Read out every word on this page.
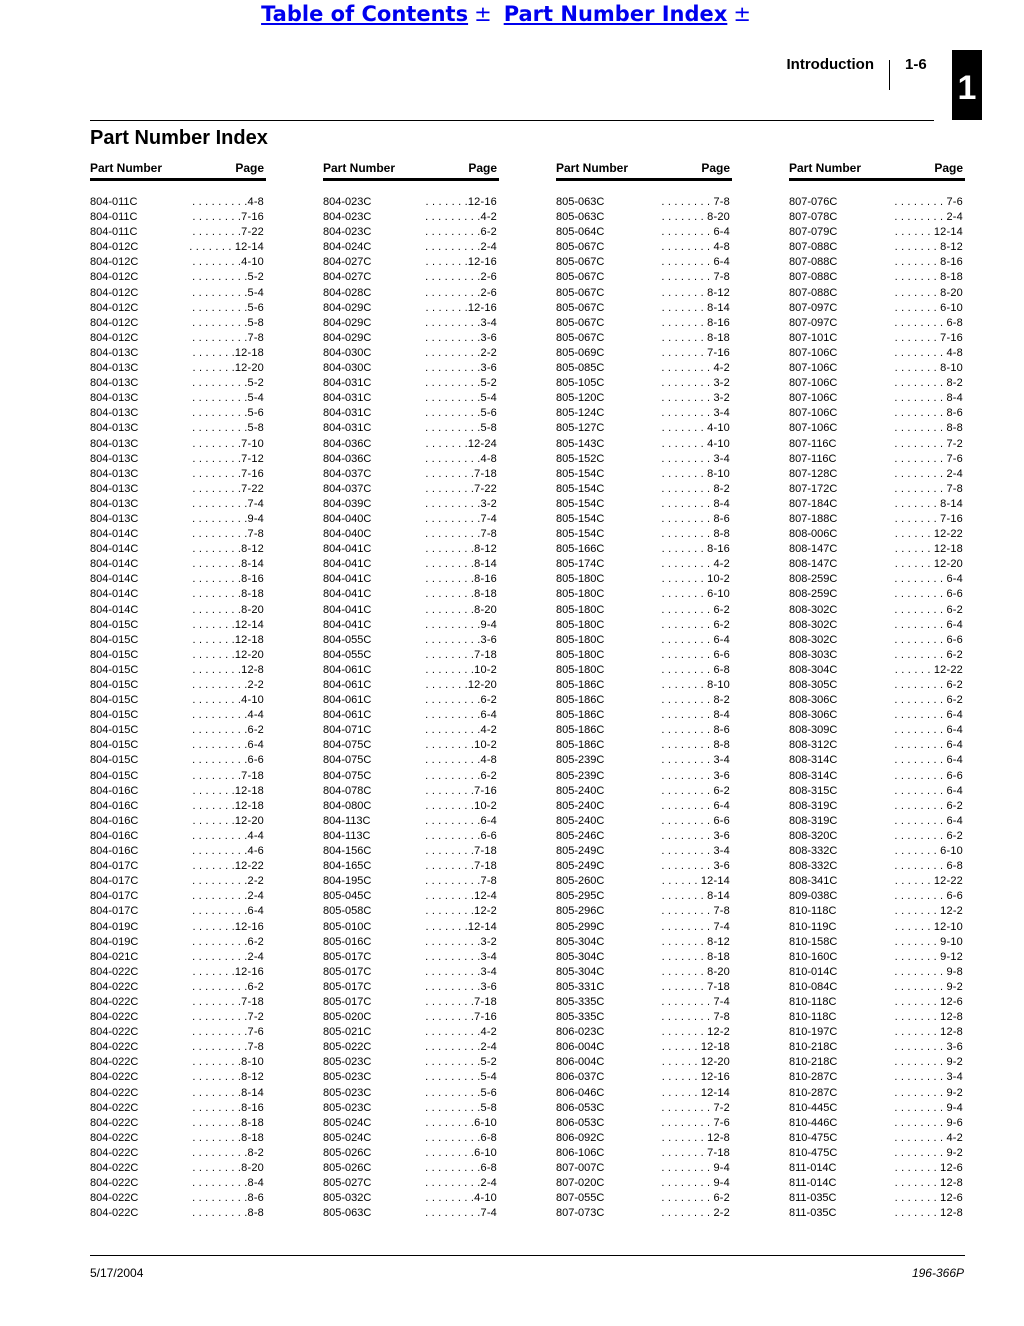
Table of Contents ± Part Number Index ±
Introduction 1-6
1
Part Number Index
Part Number	Page
804-011C	. . . . . . . . .4-8
804-011C	. . . . . . . .7-16
804-011C	. . . . . . . .7-22
804-012C	. . . . . . . 12-14
804-012C	. . . . . . . .4-10
804-012C	. . . . . . . . .5-2
804-012C	. . . . . . . . .5-4
804-012C	. . . . . . . . .5-6
804-012C	. . . . . . . . .5-8
804-012C	. . . . . . . . .7-8
804-013C	. . . . . . .12-18
804-013C	. . . . . . .12-20
804-013C	. . . . . . . . .5-2
804-013C	. . . . . . . . .5-4
804-013C	. . . . . . . . .5-6
804-013C	. . . . . . . . .5-8
804-013C	. . . . . . . .7-10
804-013C	. . . . . . . .7-12
804-013C	. . . . . . . .7-16
804-013C	. . . . . . . .7-22
804-013C	. . . . . . . . .7-4
804-013C	. . . . . . . . .9-4
804-014C	. . . . . . . . .7-8
804-014C	. . . . . . . .8-12
804-014C	. . . . . . . .8-14
804-014C	. . . . . . . .8-16
804-014C	. . . . . . . .8-18
804-014C	. . . . . . . .8-20
804-015C	. . . . . . .12-14
804-015C	. . . . . . .12-18
804-015C	. . . . . . .12-20
804-015C	. . . . . . . .12-8
804-015C	. . . . . . . . .2-2
804-015C	. . . . . . . .4-10
804-015C	. . . . . . . . .4-4
804-015C	. . . . . . . . .6-2
804-015C	. . . . . . . . .6-4
804-015C	. . . . . . . . .6-6
804-015C	. . . . . . . .7-18
804-016C	. . . . . . .12-18
804-016C	. . . . . . .12-18
804-016C	. . . . . . .12-20
804-016C	. . . . . . . . .4-4
804-016C	. . . . . . . . .4-6
804-017C	. . . . . . .12-22
804-017C	. . . . . . . . .2-2
804-017C	. . . . . . . . .2-4
804-017C	. . . . . . . . .6-4
804-019C	. . . . . . .12-16
804-019C	. . . . . . . . .6-2
804-021C	. . . . . . . . .2-4
804-022C	. . . . . . .12-16
804-022C	. . . . . . . . .6-2
804-022C	. . . . . . . .7-18
804-022C	. . . . . . . . .7-2
804-022C	. . . . . . . . .7-6
804-022C	. . . . . . . . .7-8
804-022C	. . . . . . . .8-10
804-022C	. . . . . . . .8-12
804-022C	. . . . . . . .8-14
804-022C	. . . . . . . .8-16
804-022C	. . . . . . . .8-18
804-022C	. . . . . . . .8-18
804-022C	. . . . . . . . .8-2
804-022C	. . . . . . . .8-20
804-022C	. . . . . . . . .8-4
804-022C	. . . . . . . . .8-6
804-022C	. . . . . . . . .8-8
Part Number	Page
804-023C	. . . . . . .12-16
804-023C	. . . . . . . . .4-2
804-023C	. . . . . . . . .6-2
804-024C	. . . . . . . . .2-4
804-027C	. . . . . . .12-16
804-027C	. . . . . . . . .2-6
804-028C	. . . . . . . . .2-6
804-029C	. . . . . . .12-16
804-029C	. . . . . . . . .3-4
804-029C	. . . . . . . . .3-6
804-030C	. . . . . . . . .2-2
804-030C	. . . . . . . . .3-6
804-031C	. . . . . . . . .5-2
804-031C	. . . . . . . . .5-4
804-031C	. . . . . . . . .5-6
804-031C	. . . . . . . . .5-8
804-036C	. . . . . . .12-24
804-036C	. . . . . . . . .4-8
804-037C	. . . . . . . .7-18
804-037C	. . . . . . . .7-22
804-039C	. . . . . . . . .3-2
804-040C	. . . . . . . . .7-4
804-040C	. . . . . . . . .7-8
804-041C	. . . . . . . .8-12
804-041C	. . . . . . . .8-14
804-041C	. . . . . . . .8-16
804-041C	. . . . . . . .8-18
804-041C	. . . . . . . .8-20
804-041C	. . . . . . . . .9-4
804-055C	. . . . . . . . .3-6
804-055C	. . . . . . . .7-18
804-061C	. . . . . . . .10-2
804-061C	. . . . . . .12-20
804-061C	. . . . . . . . .6-2
804-061C	. . . . . . . . .6-4
804-071C	. . . . . . . . .4-2
804-075C	. . . . . . . .10-2
804-075C	. . . . . . . . .4-8
804-075C	. . . . . . . . .6-2
804-078C	. . . . . . . .7-16
804-080C	. . . . . . . .10-2
804-113C	. . . . . . . . .6-4
804-113C	. . . . . . . . .6-6
804-156C	. . . . . . . .7-18
804-165C	. . . . . . . .7-18
804-195C	. . . . . . . . .7-8
805-045C	. . . . . . . .12-4
805-058C	. . . . . . . .12-2
805-010C	. . . . . . .12-14
805-016C	. . . . . . . . .3-2
805-017C	. . . . . . . . .3-4
805-017C	. . . . . . . . .3-4
805-017C	. . . . . . . . .3-6
805-017C	. . . . . . . .7-18
805-020C	. . . . . . . .7-16
805-021C	. . . . . . . . .4-2
805-022C	. . . . . . . . .2-4
805-023C	. . . . . . . . .5-2
805-023C	. . . . . . . . .5-4
805-023C	. . . . . . . . .5-6
805-023C	. . . . . . . . .5-8
805-024C	. . . . . . . .6-10
805-024C	. . . . . . . . .6-8
805-026C	. . . . . . . .6-10
805-026C	. . . . . . . . .6-8
805-027C	. . . . . . . . .2-4
805-032C	. . . . . . . .4-10
805-063C	. . . . . . . . .7-4
Part Number	Page
805-063C	. . . . . . . . 7-8
805-063C	. . . . . . . 8-20
805-064C	. . . . . . . . 6-4
805-067C	. . . . . . . . 4-8
805-067C	. . . . . . . . 6-4
805-067C	. . . . . . . . 7-8
805-067C	. . . . . . . 8-12
805-067C	. . . . . . . 8-14
805-067C	. . . . . . . 8-16
805-067C	. . . . . . . 8-18
805-069C	. . . . . . . 7-16
805-085C	. . . . . . . . 4-2
805-105C	. . . . . . . . 3-2
805-120C	. . . . . . . . 3-2
805-124C	. . . . . . . . 3-4
805-127C	. . . . . . . 4-10
805-143C	. . . . . . . 4-10
805-152C	. . . . . . . . 3-4
805-154C	. . . . . . . 8-10
805-154C	. . . . . . . . 8-2
805-154C	. . . . . . . . 8-4
805-154C	. . . . . . . . 8-6
805-154C	. . . . . . . . 8-8
805-166C	. . . . . . . 8-16
805-174C	. . . . . . . . 4-2
805-180C	. . . . . . . 10-2
805-180C	. . . . . . . 6-10
805-180C	. . . . . . . . 6-2
805-180C	. . . . . . . . 6-2
805-180C	. . . . . . . . 6-4
805-180C	. . . . . . . . 6-6
805-180C	. . . . . . . . 6-8
805-186C	. . . . . . . 8-10
805-186C	. . . . . . . . 8-2
805-186C	. . . . . . . . 8-4
805-186C	. . . . . . . . 8-6
805-186C	. . . . . . . . 8-8
805-239C	. . . . . . . . 3-4
805-239C	. . . . . . . . 3-6
805-240C	. . . . . . . . 6-2
805-240C	. . . . . . . . 6-4
805-240C	. . . . . . . . 6-6
805-246C	. . . . . . . . 3-6
805-249C	. . . . . . . . 3-4
805-249C	. . . . . . . . 3-6
805-260C	. . . . . . 12-14
805-295C	. . . . . . . 8-14
805-296C	. . . . . . . . 7-8
805-299C	. . . . . . . . 7-4
805-304C	. . . . . . . 8-12
805-304C	. . . . . . . 8-18
805-304C	. . . . . . . 8-20
805-331C	. . . . . . . 7-18
805-335C	. . . . . . . . 7-4
805-335C	. . . . . . . . 7-8
806-023C	. . . . . . . 12-2
806-004C	. . . . . . 12-18
806-004C	. . . . . . 12-20
806-037C	. . . . . . 12-16
806-046C	. . . . . . 12-14
806-053C	. . . . . . . . 7-2
806-053C	. . . . . . . . 7-6
806-092C	. . . . . . . 12-8
806-106C	. . . . . . . 7-18
807-007C	. . . . . . . . 9-4
807-020C	. . . . . . . . 9-4
807-055C	. . . . . . . . 6-2
807-073C	. . . . . . . . 2-2
Part Number	Page
807-076C	. . . . . . . . 7-6
807-078C	. . . . . . . . 2-4
807-079C	. . . . . . 12-14
807-088C	. . . . . . . 8-12
807-088C	. . . . . . . 8-16
807-088C	. . . . . . . 8-18
807-088C	. . . . . . . 8-20
807-097C	. . . . . . . 6-10
807-097C	. . . . . . . . 6-8
807-101C	. . . . . . . 7-16
807-106C	. . . . . . . . 4-8
807-106C	. . . . . . . 8-10
807-106C	. . . . . . . . 8-2
807-106C	. . . . . . . . 8-4
807-106C	. . . . . . . . 8-6
807-106C	. . . . . . . . 8-8
807-116C	. . . . . . . . 7-2
807-116C	. . . . . . . . 7-6
807-128C	. . . . . . . . 2-4
807-172C	. . . . . . . . 7-8
807-184C	. . . . . . . 8-14
807-188C	. . . . . . . 7-16
808-006C	. . . . . . 12-22
808-147C	. . . . . . 12-18
808-147C	. . . . . . 12-20
808-259C	. . . . . . . . 6-4
808-259C	. . . . . . . . 6-6
808-302C	. . . . . . . . 6-2
808-302C	. . . . . . . . 6-4
808-302C	. . . . . . . . 6-6
808-303C	. . . . . . . . 6-2
808-304C	. . . . . . 12-22
808-305C	. . . . . . . . 6-2
808-306C	. . . . . . . . 6-2
808-306C	. . . . . . . . 6-4
808-309C	. . . . . . . . 6-4
808-312C	. . . . . . . . 6-4
808-314C	. . . . . . . . 6-4
808-314C	. . . . . . . . 6-6
808-315C	. . . . . . . . 6-4
808-319C	. . . . . . . . 6-2
808-319C	. . . . . . . . 6-4
808-320C	. . . . . . . . 6-2
808-332C	. . . . . . . 6-10
808-332C	. . . . . . . . 6-8
808-341C	. . . . . . 12-22
809-038C	. . . . . . . . 6-6
810-118C	. . . . . . . 12-2
810-119C	. . . . . . 12-10
810-158C	. . . . . . . 9-10
810-160C	. . . . . . . 9-12
810-014C	. . . . . . . . 9-8
810-084C	. . . . . . . . 9-2
810-118C	. . . . . . . 12-6
810-118C	. . . . . . . 12-8
810-197C	. . . . . . . 12-8
810-218C	. . . . . . . . 3-6
810-218C	. . . . . . . . 9-2
810-287C	. . . . . . . . 3-4
810-287C	. . . . . . . . 9-2
810-445C	. . . . . . . . 9-4
810-446C	. . . . . . . . 9-6
810-475C	. . . . . . . . 4-2
810-475C	. . . . . . . . 9-2
811-014C	. . . . . . . 12-6
811-014C	. . . . . . . 12-8
811-035C	. . . . . . . 12-6
811-035C	. . . . . . . 12-8
5/17/2004	196-366P
